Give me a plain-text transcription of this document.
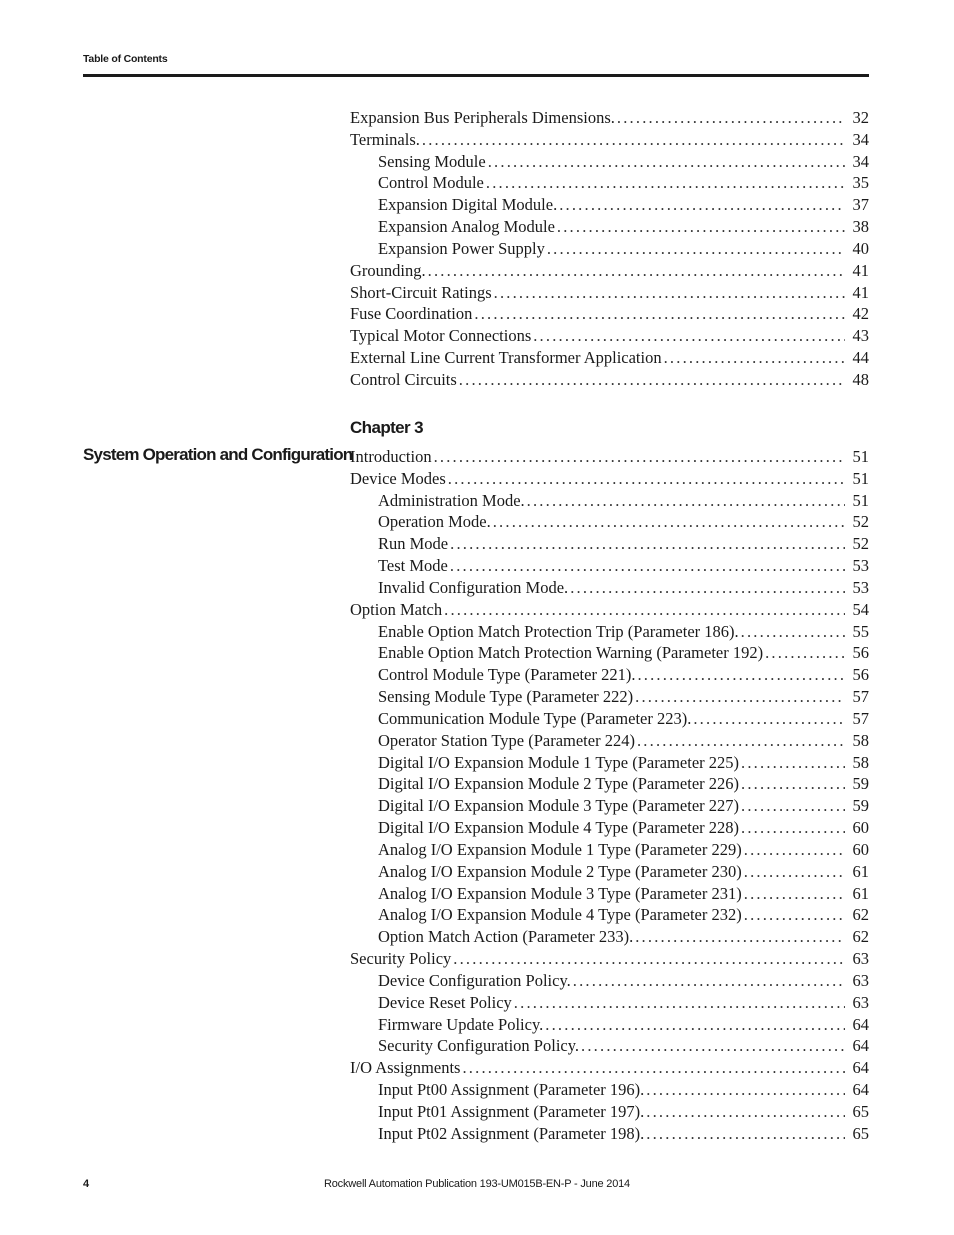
Table of Contents
Expansion Bus Peripherals Dimensions. .....	32
Terminals. .....	34
Sensing Module .....	34
Control Module .....	35
Expansion Digital Module. .....	37
Expansion Analog Module .....	38
Expansion Power Supply .....	40
Grounding. .....	41
Short-Circuit Ratings .....	41
Fuse Coordination .....	42
Typical Motor Connections .....	43
External Line Current Transformer Application .....	44
Control Circuits .....	48
Chapter 3
System Operation and Configuration
Introduction .....	51
Device Modes .....	51
Administration Mode. .....	51
Operation Mode. .....	52
Run Mode .....	52
Test Mode .....	53
Invalid Configuration Mode. .....	53
Option Match .....	54
Enable Option Match Protection Trip (Parameter 186). .....	55
Enable Option Match Protection Warning (Parameter 192) .....	56
Control Module Type (Parameter 221). .....	56
Sensing Module Type (Parameter 222) .....	57
Communication Module Type (Parameter 223). .....	57
Operator Station Type (Parameter 224) .....	58
Digital I/O Expansion Module 1 Type (Parameter 225) .....	58
Digital I/O Expansion Module 2 Type (Parameter 226) .....	59
Digital I/O Expansion Module 3 Type (Parameter 227) .....	59
Digital I/O Expansion Module 4 Type (Parameter 228) .....	60
Analog I/O Expansion Module 1 Type (Parameter 229) .....	60
Analog I/O Expansion Module 2 Type (Parameter 230) .....	61
Analog I/O Expansion Module 3 Type (Parameter 231) .....	61
Analog I/O Expansion Module 4 Type (Parameter 232) .....	62
Option Match Action (Parameter 233). .....	62
Security Policy .....	63
Device Configuration Policy. .....	63
Device Reset Policy .....	63
Firmware Update Policy. .....	64
Security Configuration Policy. .....	64
I/O Assignments .....	64
Input Pt00 Assignment (Parameter 196). .....	64
Input Pt01 Assignment (Parameter 197). .....	65
Input Pt02 Assignment (Parameter 198). .....	65
4	Rockwell Automation Publication 193-UM015B-EN-P - June 2014
